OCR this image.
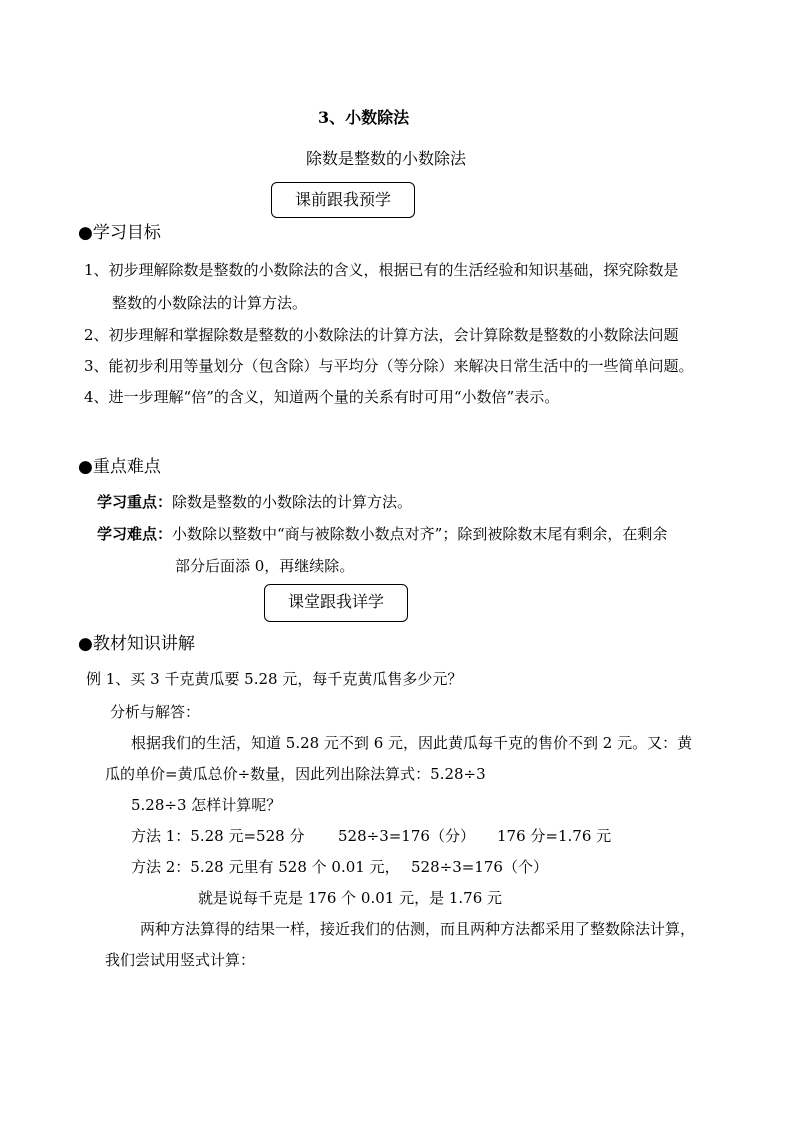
3、小数除法
除数是整数的小数除法
课前跟我预学
●学习目标
1、初步理解除数是整数的小数除法的含义，根据已有的生活经验和知识基础，探究除数是
整数的小数除法的计算方法。
2、初步理解和掌握除数是整数的小数除法的计算方法，会计算除数是整数的小数除法问题
3、能初步利用等量划分（包含除）与平均分（等分除）来解决日常生活中的一些简单问题。
4、进一步理解“倍”的含义，知道两个量的关系有时可用“小数倍”表示。
●重点难点
学习重点：除数是整数的小数除法的计算方法。
学习难点：小数除以整数中“商与被除数小数点对齐”；除到被除数末尾有剩余，在剩余
部分后面添 0，再继续除。
课堂跟我详学
●教材知识讲解
例 1、买 3 千克黄瓜要 5.28 元，每千克黄瓜售多少元？
分析与解答：
根据我们的生活，知道 5.28 元不到 6 元，因此黄瓜每千克的售价不到 2 元。又：黄
瓜的单价=黄瓜总价÷数量，因此列出除法算式：5.28÷3
5.28÷3 怎样计算呢？
方法 1：5.28 元=528 分 528÷3=176（分） 176 分=1.76 元
方法 2：5.28 元里有 528 个 0.01 元， 528÷3=176（个）
就是说每千克是 176 个 0.01 元，是 1.76 元
两种方法算得的结果一样，接近我们的估测，而且两种方法都采用了整数除法计算，
我们尝试用竖式计算：
